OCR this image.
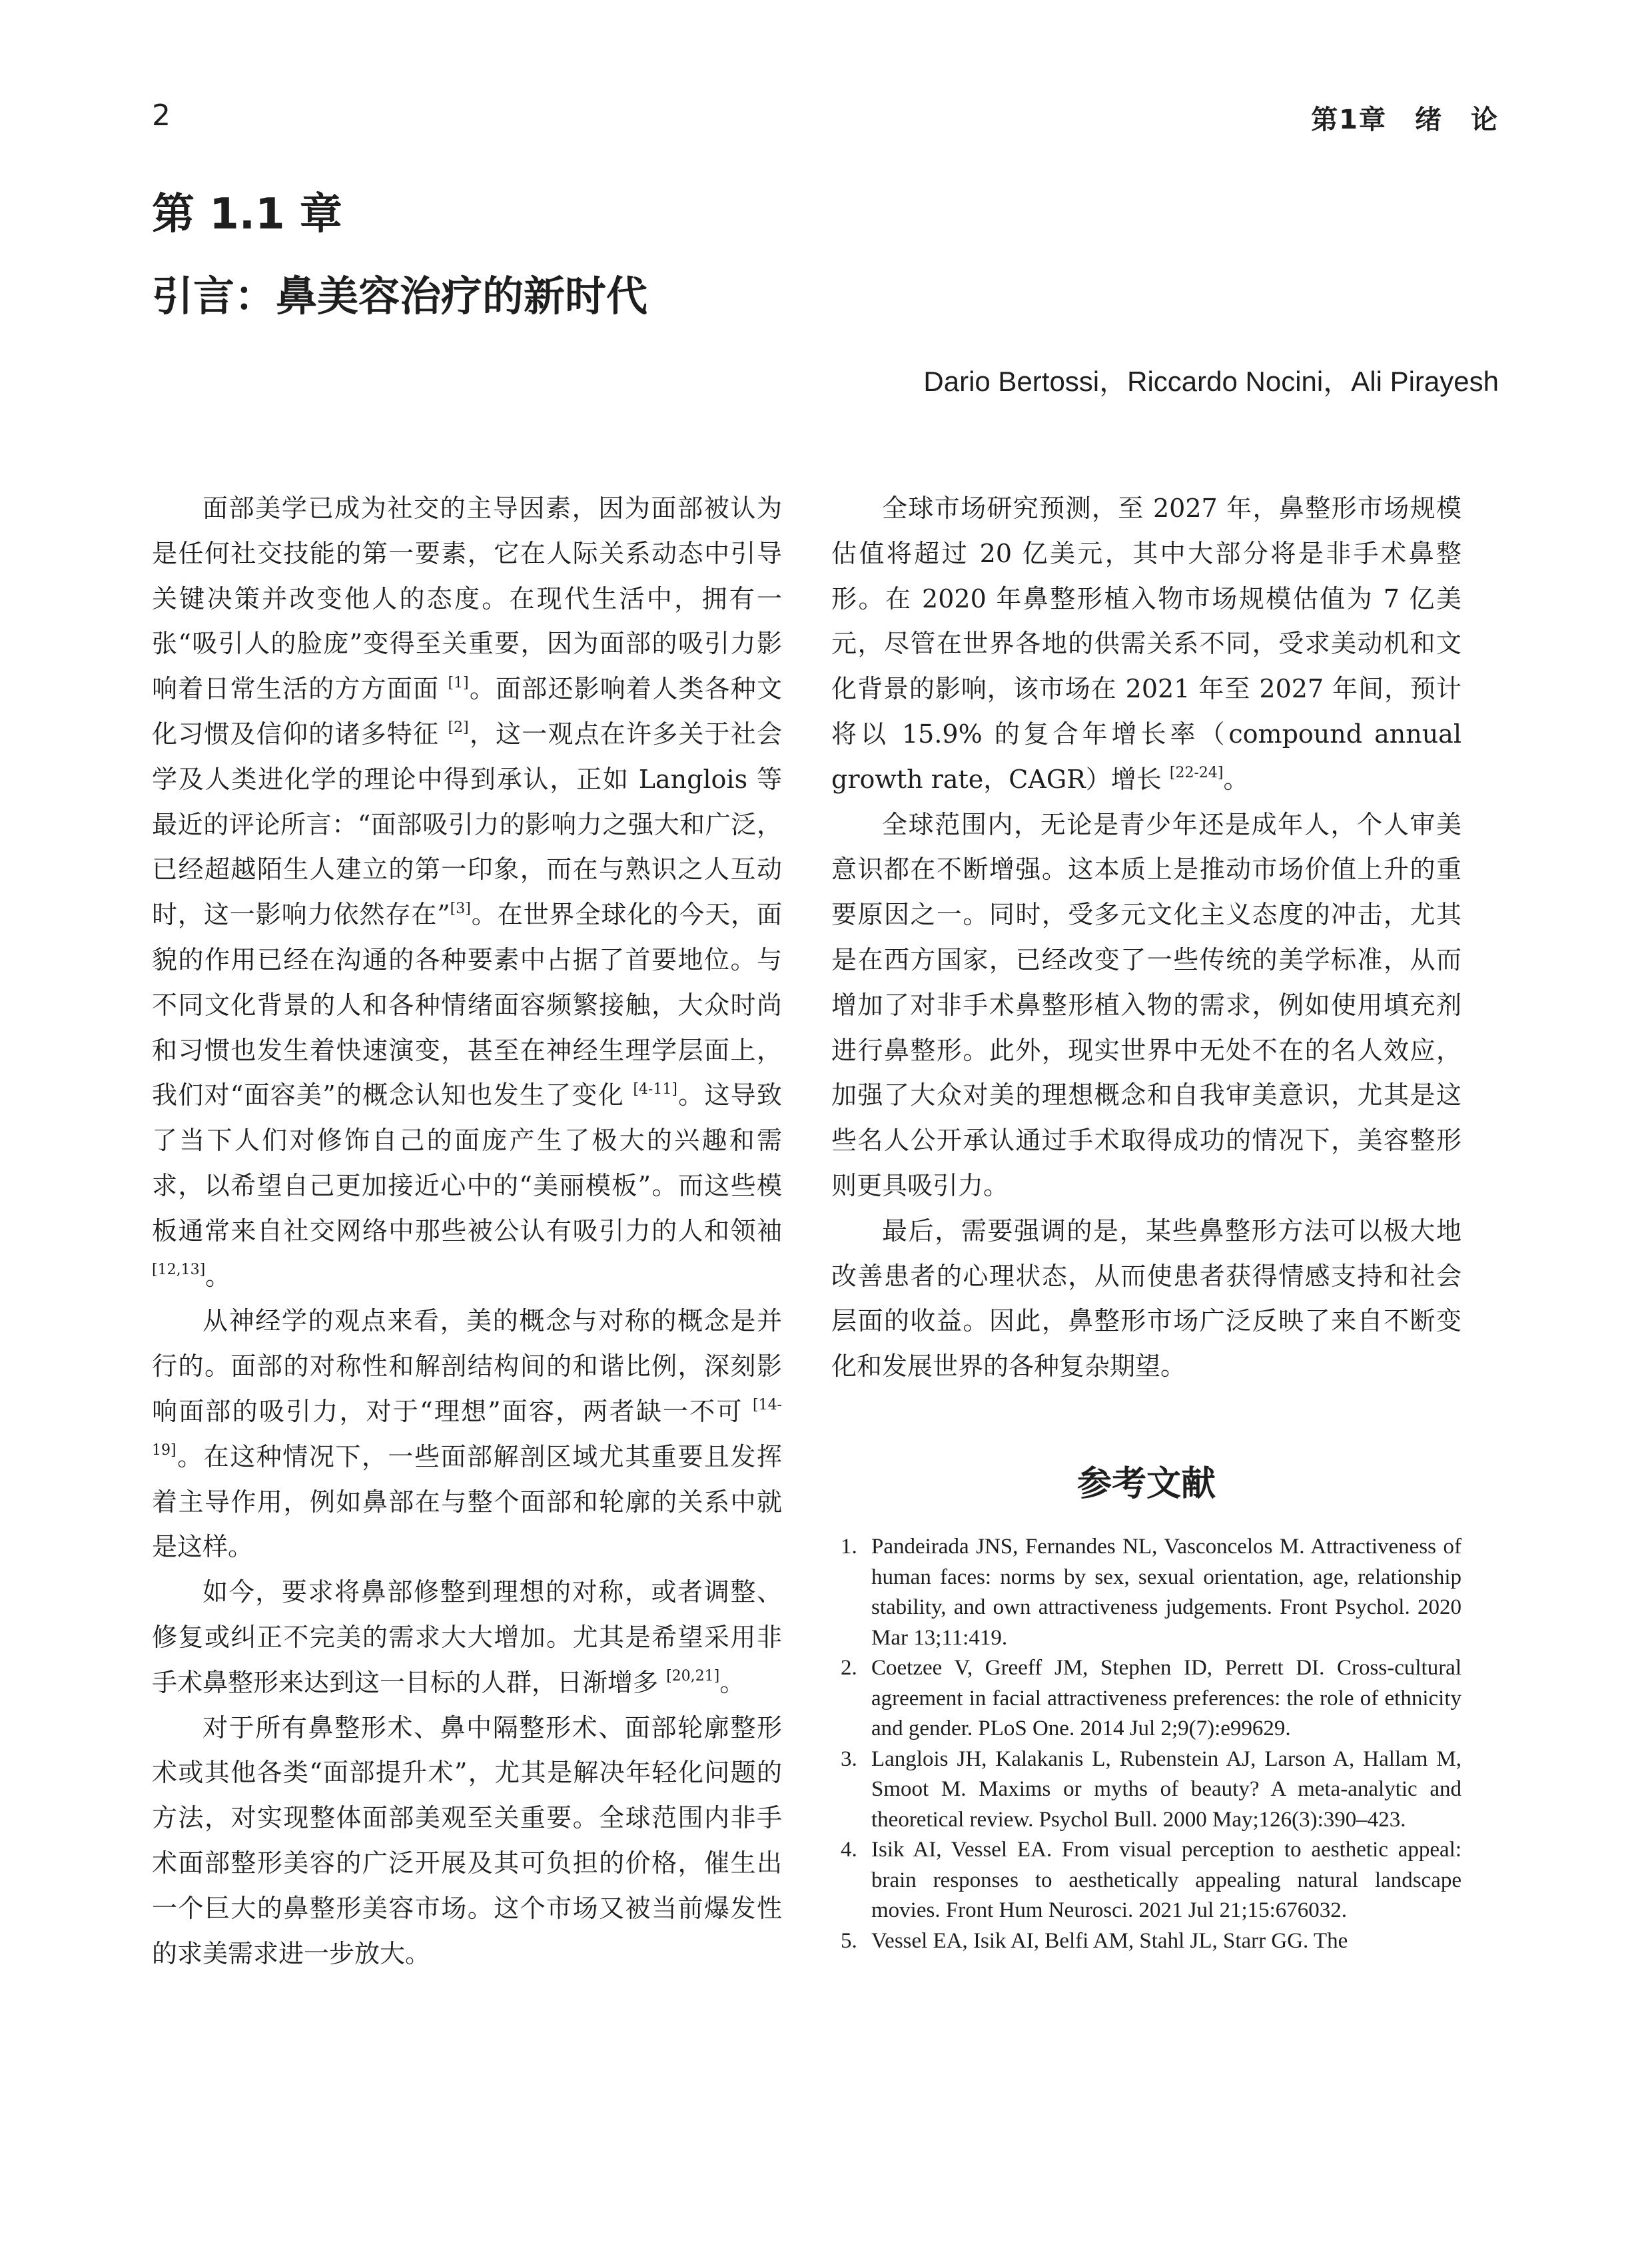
2	第1章　绪　论
第 1.1 章
引言：鼻美容治疗的新时代
Dario Bertossi，Riccardo Nocini，Ali Pirayesh

面部美学已成为社交的主导因素，因为面部被认为是任何社交技能的第一要素，它在人际关系动态中引导关键决策并改变他人的态度。在现代生活中，拥有一张“吸引人的脸庞”变得至关重要，因为面部的吸引力影响着日常生活的方方面面 [1]。面部还影响着人类各种文化习惯及信仰的诸多特征 [2]，这一观点在许多关于社会学及人类进化学的理论中得到承认，正如 Langlois 等最近的评论所言：“面部吸引力的影响力之强大和广泛，已经超越陌生人建立的第一印象，而在与熟识之人互动时，这一影响力依然存在”[3]。在世界全球化的今天，面貌的作用已经在沟通的各种要素中占据了首要地位。与不同文化背景的人和各种情绪面容频繁接触，大众时尚和习惯也发生着快速演变，甚至在神经生理学层面上，我们对“面容美”的概念认知也发生了变化 [4-11]。这导致了当下人们对修饰自己的面庞产生了极大的兴趣和需求，以希望自己更加接近心中的“美丽模板”。而这些模板通常来自社交网络中那些被公认有吸引力的人和领袖 [12,13]。

从神经学的观点来看，美的概念与对称的概念是并行的。面部的对称性和解剖结构间的和谐比例，深刻影响面部的吸引力，对于“理想”面容，两者缺一不可 [14-19]。在这种情况下，一些面部解剖区域尤其重要且发挥着主导作用，例如鼻部在与整个面部和轮廓的关系中就是这样。

如今，要求将鼻部修整到理想的对称，或者调整、修复或纠正不完美的需求大大增加。尤其是希望采用非手术鼻整形来达到这一目标的人群，日渐增多 [20,21]。

对于所有鼻整形术、鼻中隔整形术、面部轮廓整形术或其他各类“面部提升术”，尤其是解决年轻化问题的方法，对实现整体面部美观至关重要。全球范围内非手术面部整形美容的广泛开展及其可负担的价格，催生出一个巨大的鼻整形美容市场。这个市场又被当前爆发性的求美需求进一步放大。

全球市场研究预测，至 2027 年，鼻整形市场规模估值将超过 20 亿美元，其中大部分将是非手术鼻整形。在 2020 年鼻整形植入物市场规模估值为 7 亿美元，尽管在世界各地的供需关系不同，受求美动机和文化背景的影响，该市场在 2021 年至 2027 年间，预计将以 15.9% 的复合年增长率（compound annual growth rate，CAGR）增长 [22-24]。

全球范围内，无论是青少年还是成年人，个人审美意识都在不断增强。这本质上是推动市场价值上升的重要原因之一。同时，受多元文化主义态度的冲击，尤其是在西方国家，已经改变了一些传统的美学标准，从而增加了对非手术鼻整形植入物的需求，例如使用填充剂进行鼻整形。此外，现实世界中无处不在的名人效应，加强了大众对美的理想概念和自我审美意识，尤其是这些名人公开承认通过手术取得成功的情况下，美容整形则更具吸引力。

最后，需要强调的是，某些鼻整形方法可以极大地改善患者的心理状态，从而使患者获得情感支持和社会层面的收益。因此，鼻整形市场广泛反映了来自不断变化和发展世界的各种复杂期望。

参考文献
1. Pandeirada JNS, Fernandes NL, Vasconcelos M. Attractiveness of human faces: norms by sex, sexual orientation, age, relationship stability, and own attractiveness judgements. Front Psychol. 2020 Mar 13;11:419.
2. Coetzee V, Greeff JM, Stephen ID, Perrett DI. Cross-cultural agreement in facial attractiveness preferences: the role of ethnicity and gender. PLoS One. 2014 Jul 2;9(7):e99629.
3. Langlois JH, Kalakanis L, Rubenstein AJ, Larson A, Hallam M, Smoot M. Maxims or myths of beauty? A meta-analytic and theoretical review. Psychol Bull. 2000 May;126(3):390–423.
4. Isik AI, Vessel EA. From visual perception to aesthetic appeal: brain responses to aesthetically appealing natural landscape movies. Front Hum Neurosci. 2021 Jul 21;15:676032.
5. Vessel EA, Isik AI, Belfi AM, Stahl JL, Starr GG. The
